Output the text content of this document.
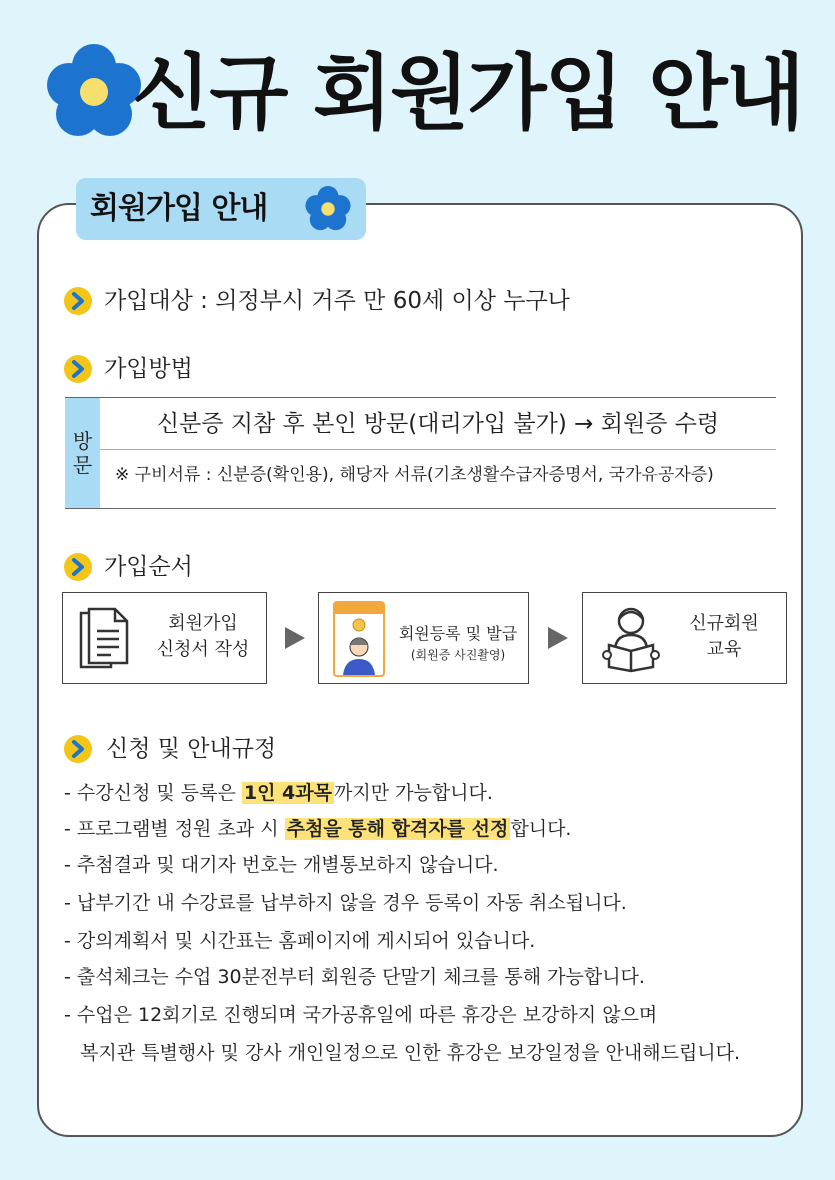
신규 회원가입 안내
회원가입 안내
가입대상 : 의정부시 거주 만 60세 이상 누구나
가입방법
방
문
신분증 지참 후 본인 방문(대리가입 불가) → 회원증 수령
※ 구비서류 : 신분증(확인용), 해당자 서류(기초생활수급자증명서, 국가유공자증)
가입순서
회원가입
신청서 작성
회원등록 및 발급
(회원증 사진촬영)
신규회원
교육
신청 및 안내규정
- 수강신청 및 등록은 1인 4과목 까지만 가능합니다.
- 프로그램별 정원 초과 시 추첨을 통해 합격자를 선정 합니다.
- 추첨결과 및 대기자 번호는 개별통보하지 않습니다.
- 납부기간 내 수강료를 납부하지 않을 경우 등록이 자동 취소됩니다.
- 강의계획서 및 시간표는 홈페이지에 게시되어 있습니다.
- 출석체크는 수업 30분전부터 회원증 단말기 체크를 통해 가능합니다.
- 수업은 12회기로 진행되며 국가공휴일에 따른 휴강은 보강하지 않으며
복지관 특별행사 및 강사 개인일정으로 인한 휴강은 보강일정을 안내해드립니다.
